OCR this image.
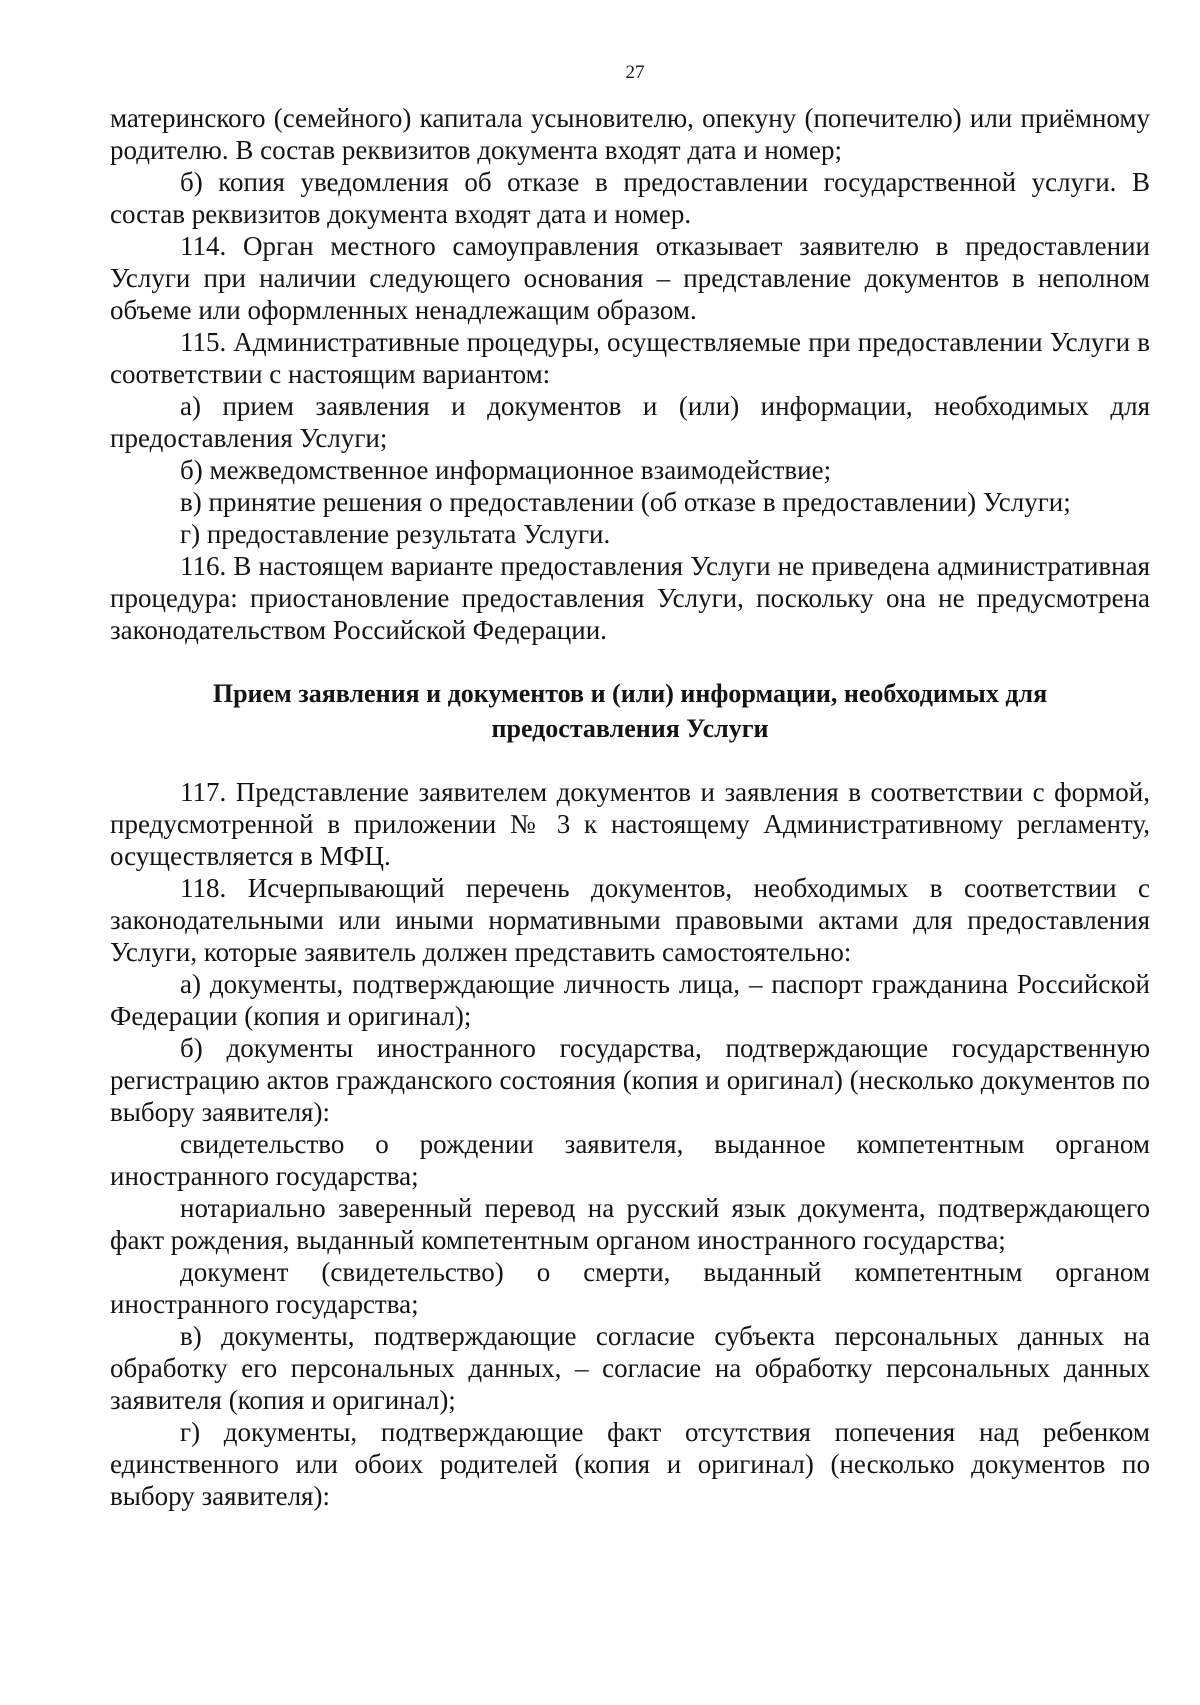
27

материнского (семейного) капитала усыновителю, опекуну (попечителю) или приёмному родителю. В состав реквизитов документа входят дата и номер;

б) копия уведомления об отказе в предоставлении государственной услуги. В состав реквизитов документа входят дата и номер.

114. Орган местного самоуправления отказывает заявителю в предоставлении Услуги при наличии следующего основания – представление документов в неполном объеме или оформленных ненадлежащим образом.

115. Административные процедуры, осуществляемые при предоставлении Услуги в соответствии с настоящим вариантом:

а) прием заявления и документов и (или) информации, необходимых для предоставления Услуги;

б) межведомственное информационное взаимодействие;

в) принятие решения о предоставлении (об отказе в предоставлении) Услуги;

г) предоставление результата Услуги.

116. В настоящем варианте предоставления Услуги не приведена административная процедура: приостановление предоставления Услуги, поскольку она не предусмотрена законодательством Российской Федерации.

Прием заявления и документов и (или) информации, необходимых для
предоставления Услуги

117. Представление заявителем документов и заявления в соответствии с формой, предусмотренной в приложении № 3 к настоящему Административному регламенту, осуществляется в МФЦ.

118. Исчерпывающий перечень документов, необходимых в соответствии с законодательными или иными нормативными правовыми актами для предоставления Услуги, которые заявитель должен представить самостоятельно:

а) документы, подтверждающие личность лица, – паспорт гражданина Российской Федерации (копия и оригинал);

б) документы иностранного государства, подтверждающие государственную регистрацию актов гражданского состояния (копия и оригинал) (несколько документов по выбору заявителя):

свидетельство о рождении заявителя, выданное компетентным органом иностранного государства;

нотариально заверенный перевод на русский язык документа, подтверждающего факт рождения, выданный компетентным органом иностранного государства;

документ (свидетельство) о смерти, выданный компетентным органом иностранного государства;

в) документы, подтверждающие согласие субъекта персональных данных на обработку его персональных данных, – согласие на обработку персональных данных заявителя (копия и оригинал);

г) документы, подтверждающие факт отсутствия попечения над ребенком единственного или обоих родителей (копия и оригинал) (несколько документов по выбору заявителя):
